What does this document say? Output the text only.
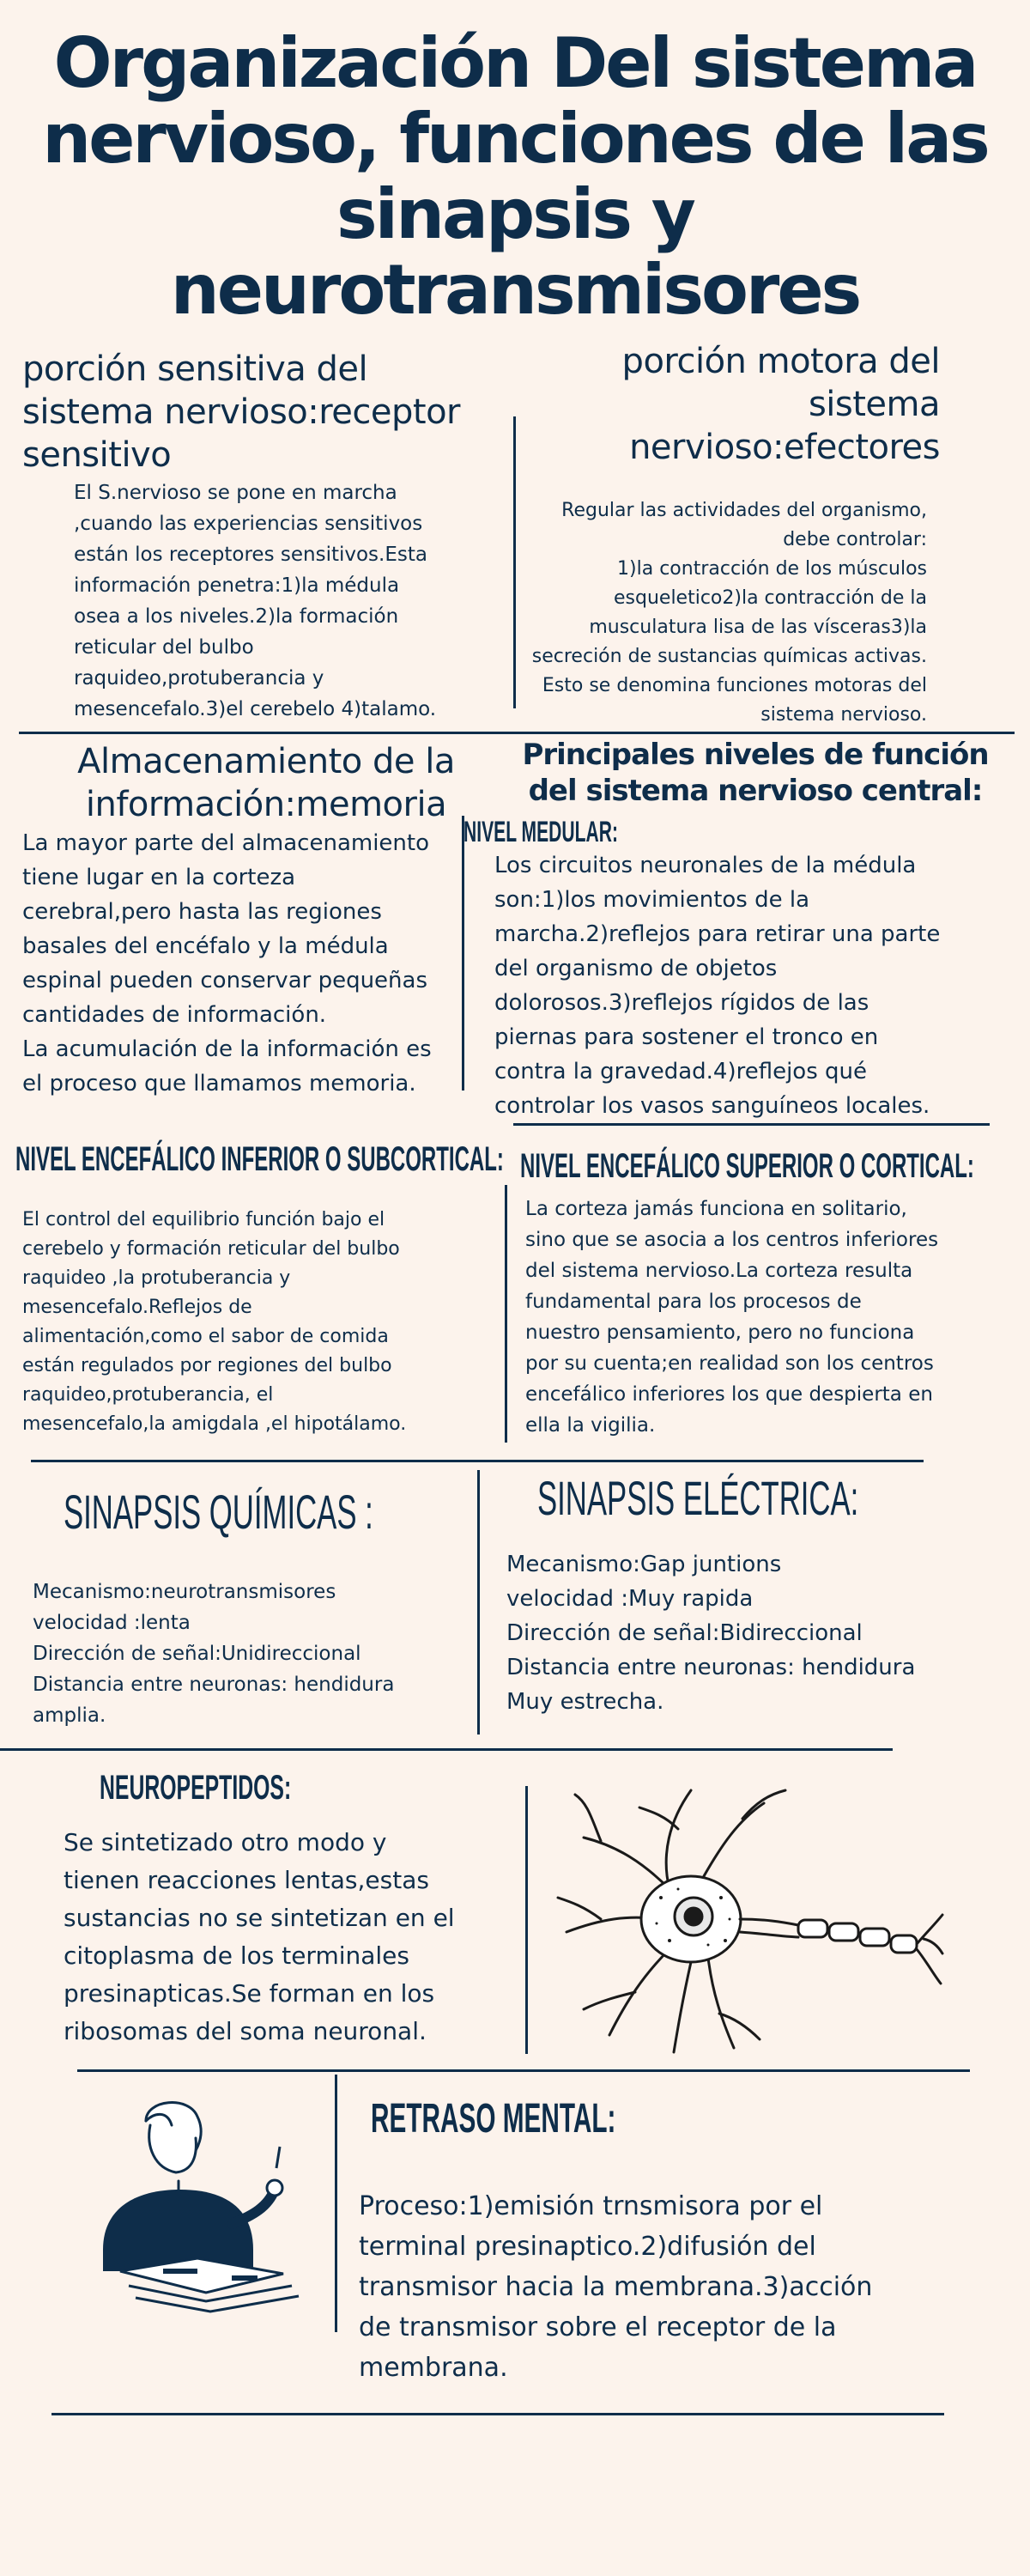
Organización Del sistema nervioso, funciones de las sinapsis y neurotransmisores
porción sensitiva del sistema nervioso:receptor sensitivo

El S.nervioso se pone en marcha
,cuando las experiencias sensitivos
están los receptores sensitivos.Esta
información penetra:1)la médula
osea a los niveles.2)la formación
reticular del bulbo
raquideo,protuberancia y
mesencefalo.3)el cerebelo 4)talamo.

porción motora del sistema nervioso:efectores

Regular las actividades del organismo,
debe controlar:
1)la contracción de los músculos
esqueletico2)la contracción de la
musculatura lisa de las vísceras3)la
secreción de sustancias químicas activas.
Esto se denomina funciones motoras del
sistema nervioso.

Almacenamiento de la información:memoria

La mayor parte del almacenamiento
tiene lugar en la corteza
cerebral,pero hasta las regiones
basales del encéfalo y la médula
espinal pueden conservar pequeñas
cantidades de información.
La acumulación de la información es
el proceso que llamamos memoria.

Principales niveles de función del sistema nervioso central:
NIVEL MEDULAR:

Los circuitos neuronales de la médula
son:1)los movimientos de la
marcha.2)reflejos para retirar una parte
del organismo de objetos
dolorosos.3)reflejos rígidos de las
piernas para sostener el tronco en
contra la gravedad.4)reflejos qué
controlar los vasos sanguíneos locales.

NIVEL ENCEFÁLICO INFERIOR O SUBCORTICAL:

El control del equilibrio función bajo el
cerebelo y formación reticular del bulbo
raquideo ,la protuberancia y
mesencefalo.Reflejos de
alimentación,como el sabor de comida
están regulados por regiones del bulbo
raquideo,protuberancia, el
mesencefalo,la amigdala ,el hipotálamo.

NIVEL ENCEFÁLICO SUPERIOR O CORTICAL:

La corteza jamás funciona en solitario,
sino que se asocia a los centros inferiores
del sistema nervioso.La corteza resulta
fundamental para los procesos de
nuestro pensamiento, pero no funciona
por su cuenta;en realidad son los centros
encefálico inferiores los que despierta en
ella la vigilia.

SINAPSIS QUÍMICAS :

Mecanismo:neurotransmisores
velocidad :lenta
Dirección de señal:Unidireccional
Distancia entre neuronas: hendidura
amplia.

SINAPSIS ELÉCTRICA:

Mecanismo:Gap juntions
velocidad :Muy rapida
Dirección de señal:Bidireccional
Distancia entre neuronas: hendidura
Muy estrecha.

NEUROPEPTIDOS:

Se sintetizado otro modo y
tienen reacciones lentas,estas
sustancias no se sintetizan en el
citoplasma de los terminales
presinapticas.Se forman en los
ribosomas del soma neuronal.

RETRASO MENTAL:

Proceso:1)emisión trnsmisora por el
terminal presinaptico.2)difusión del
transmisor hacia la membrana.3)acción
de transmisor sobre el receptor de la
membrana.
